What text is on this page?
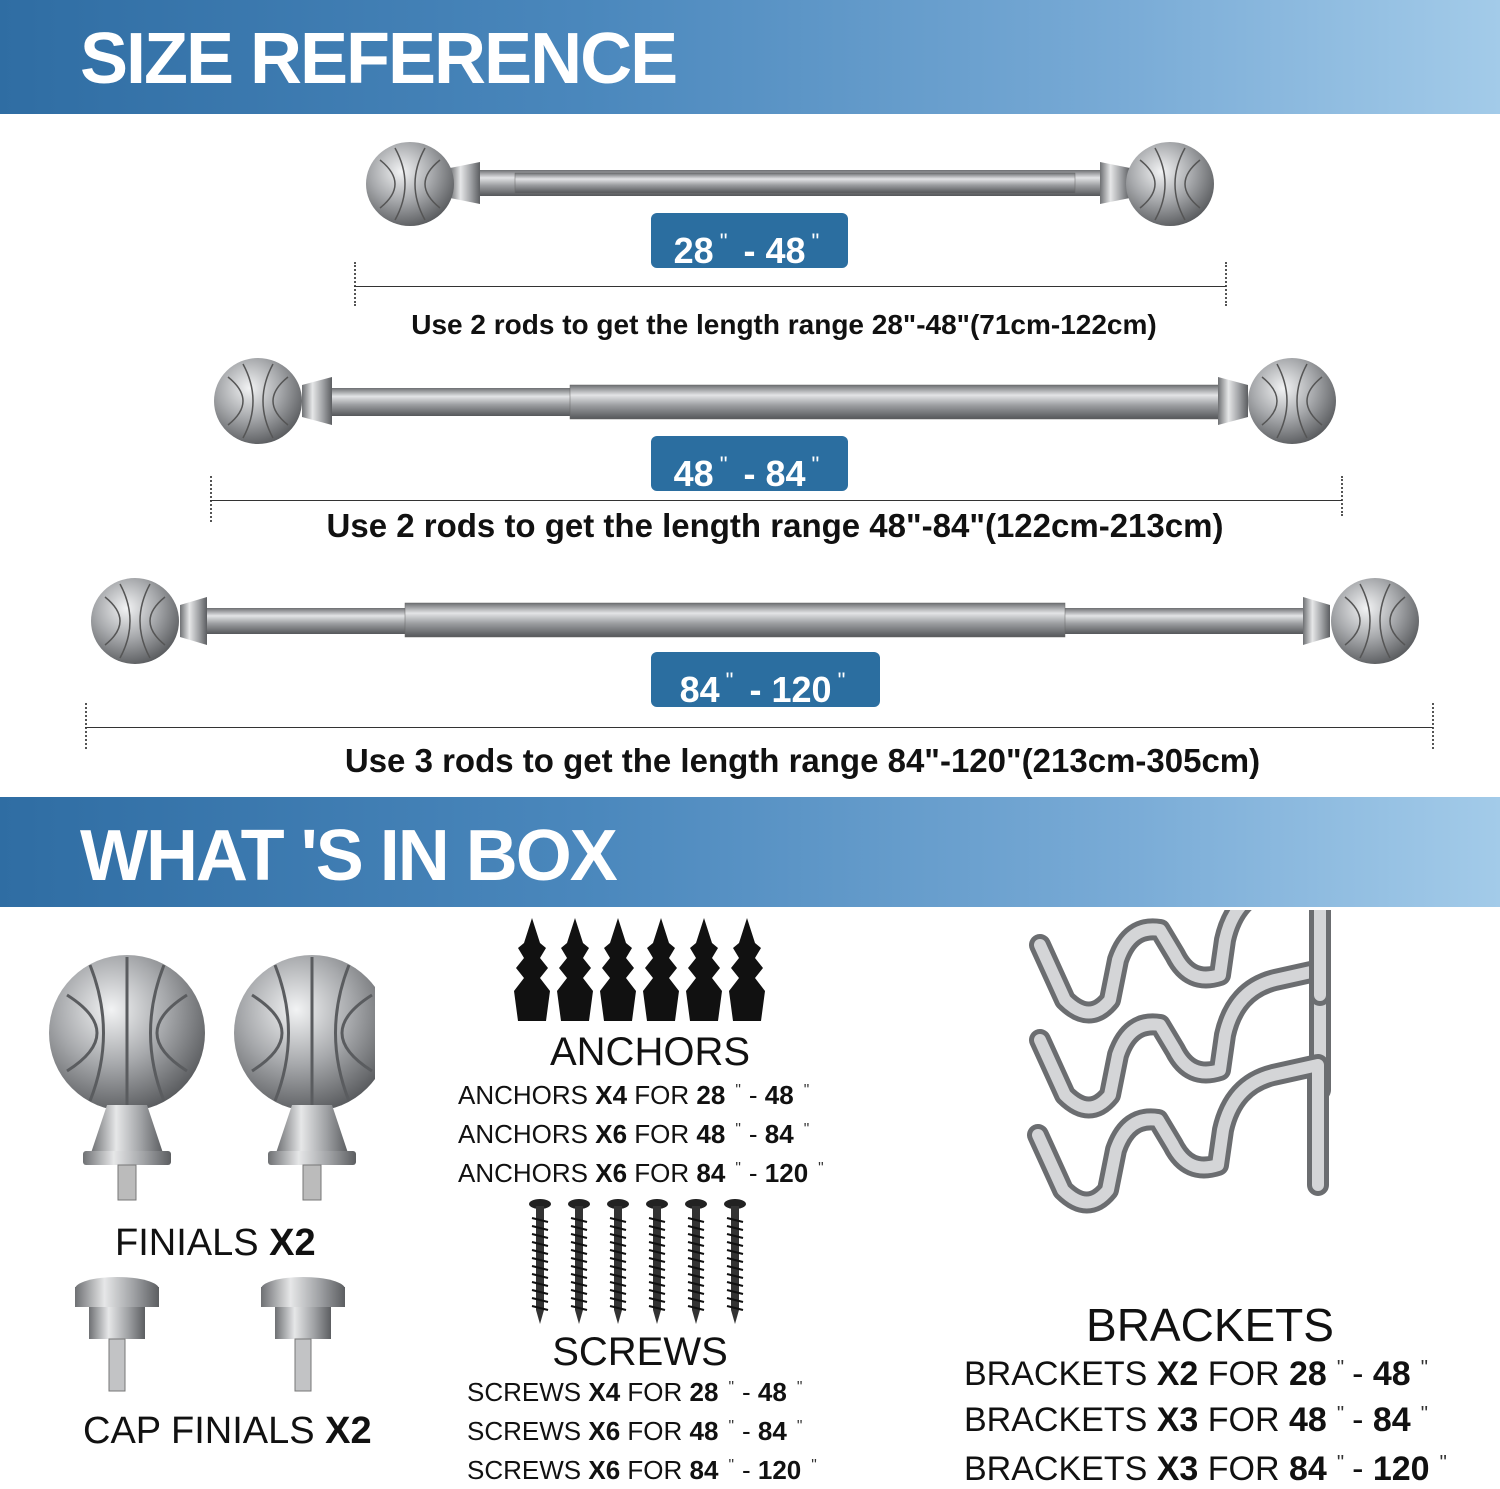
SIZE REFERENCE
28 " - 48 "
Use 2 rods to get the length range 28"-48"(71cm-122cm)
48 " - 84 "
Use 2 rods to get the length range 48"-84"(122cm-213cm)
84 " - 120 "
Use 3 rods to get the length range 84"-120"(213cm-305cm)
WHAT 'S IN BOX
FINIALS X2
CAP FINIALS X2
ANCHORS
ANCHORS X4 FOR 28 " - 48 "
ANCHORS X6 FOR 48 " - 84 "
ANCHORS X6 FOR 84 " - 120 "
SCREWS
SCREWS X4 FOR 28 " - 48 "
SCREWS X6 FOR 48 " - 84 "
SCREWS X6 FOR 84 " - 120 "
BRACKETS
BRACKETS X2 FOR 28 " - 48 "
BRACKETS X3 FOR 48 " - 84 "
BRACKETS X3 FOR 84 " - 120 "
